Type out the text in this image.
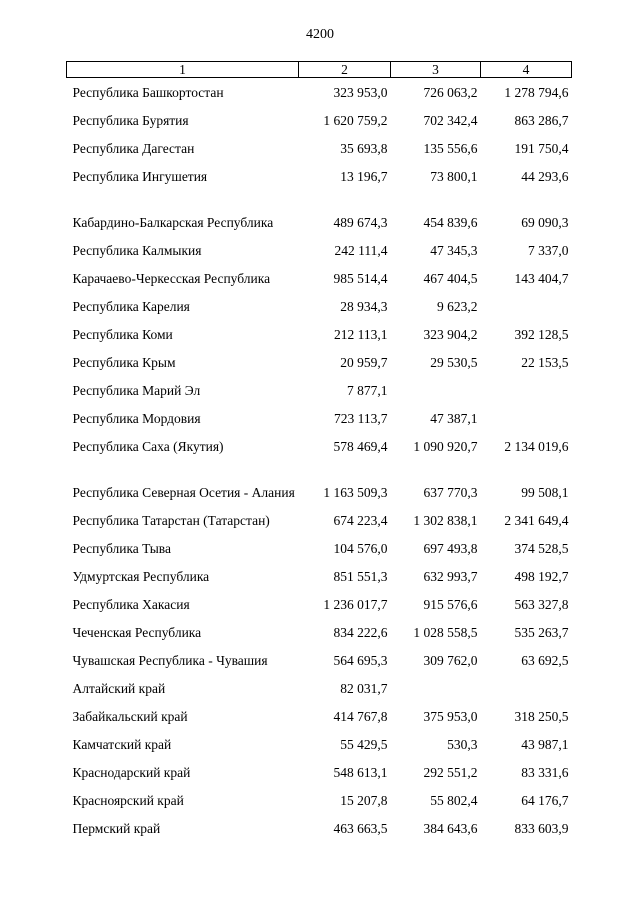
4200
1	2	3	4
Республика Башкортостан	323 953,0	726 063,2	1 278 794,6
Республика Бурятия	1 620 759,2	702 342,4	863 286,7
Республика Дагестан	35 693,8	135 556,6	191 750,4
Республика Ингушетия	13 196,7	73 800,1	44 293,6
Кабардино-Балкарская Республика	489 674,3	454 839,6	69 090,3
Республика Калмыкия	242 111,4	47 345,3	7 337,0
Карачаево-Черкесская Республика	985 514,4	467 404,5	143 404,7
Республика Карелия	28 934,3	9 623,2	
Республика Коми	212 113,1	323 904,2	392 128,5
Республика Крым	20 959,7	29 530,5	22 153,5
Республика Марий Эл	7 877,1		
Республика Мордовия	723 113,7	47 387,1	
Республика Саха (Якутия)	578 469,4	1 090 920,7	2 134 019,6
Республика Северная Осетия - Алания	1 163 509,3	637 770,3	99 508,1
Республика Татарстан (Татарстан)	674 223,4	1 302 838,1	2 341 649,4
Республика Тыва	104 576,0	697 493,8	374 528,5
Удмуртская Республика	851 551,3	632 993,7	498 192,7
Республика Хакасия	1 236 017,7	915 576,6	563 327,8
Чеченская Республика	834 222,6	1 028 558,5	535 263,7
Чувашская Республика - Чувашия	564 695,3	309 762,0	63 692,5
Алтайский край	82 031,7		
Забайкальский край	414 767,8	375 953,0	318 250,5
Камчатский край	55 429,5	530,3	43 987,1
Краснодарский край	548 613,1	292 551,2	83 331,6
Красноярский край	15 207,8	55 802,4	64 176,7
Пермский край	463 663,5	384 643,6	833 603,9
